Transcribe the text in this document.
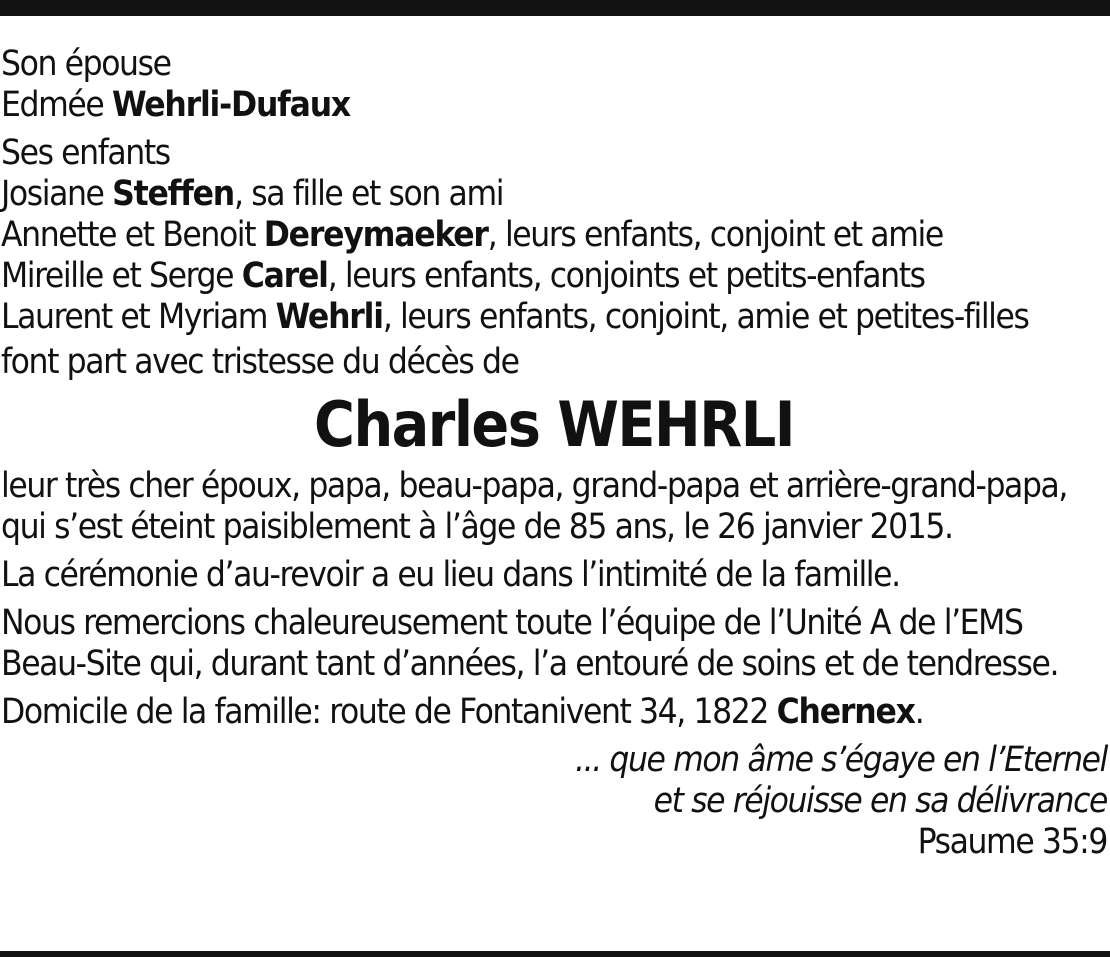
Son épouse
Edmée Wehrli-Dufaux
Ses enfants
Josiane Steffen, sa fille et son ami
Annette et Benoit Dereymaeker, leurs enfants, conjoint et amie
Mireille et Serge Carel, leurs enfants, conjoints et petits-enfants
Laurent et Myriam Wehrli, leurs enfants, conjoint, amie et petites-filles
font part avec tristesse du décès de
Charles WEHRLI
leur très cher époux, papa, beau-papa, grand-papa et arrière-grand-papa,
qui s’est éteint paisiblement à l’âge de 85 ans, le 26 janvier 2015.
La cérémonie d’au-revoir a eu lieu dans l’intimité de la famille.
Nous remercions chaleureusement toute l’équipe de l’Unité A de l’EMS
Beau-Site qui, durant tant d’années, l’a entouré de soins et de tendresse.
Domicile de la famille: route de Fontanivent 34, 1822 Chernex.
... que mon âme s’égaye en l’Eternel
et se réjouisse en sa délivrance
Psaume 35:9
